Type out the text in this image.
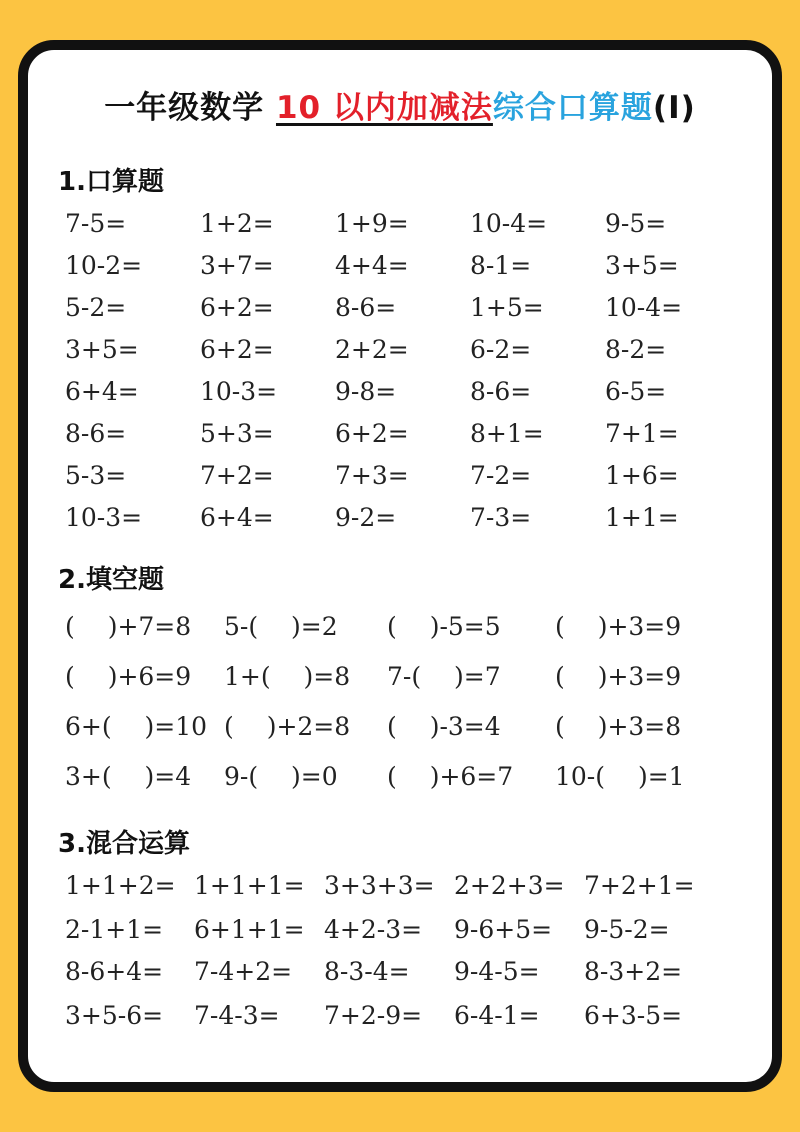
一年级数学 10 以内加减法综合口算题(Ⅰ)
1.口算题
7-5=	1+2= 1+9= 10-4= 9-5=
10-2= 3+7= 4+4= 8-1=	3+5=
5-2=	6+2= 8-6=	1+5= 10-4=
3+5= 6+2= 2+2= 6-2=	8-2=
6+4= 10-3= 9-8=	8-6=	6-5=
8-6=	5+3= 6+2= 8+1= 7+1=
5-3=	7+2= 7+3= 7-2=	1+6=
10-3= 6+4= 9-2=	7-3=	1+1=
2.填空题
(　 )+7=8 5-(　 )=2 (　 )-5=5 (　 )+3=9
(　 )+6=9 1+(　 )=8 7-(　 )=7 (　 )+3=9
6+(　 )=10 (　 )+2=8 (　 )-3=4 (　 )+3=8
3+(　 )=4 9-(　 )=0 (　 )+6=7 10-(　 )=1
3.混合运算
1+1+2= 1+1+1= 3+3+3= 2+2+3= 7+2+1=
2-1+1= 6+1+1= 4+2-3= 9-6+5= 9-5-2=
8-6+4= 7-4+2= 8-3-4= 9-4-5= 8-3+2=
3+5-6= 7-4-3= 7+2-9= 6-4-1= 6+3-5=
